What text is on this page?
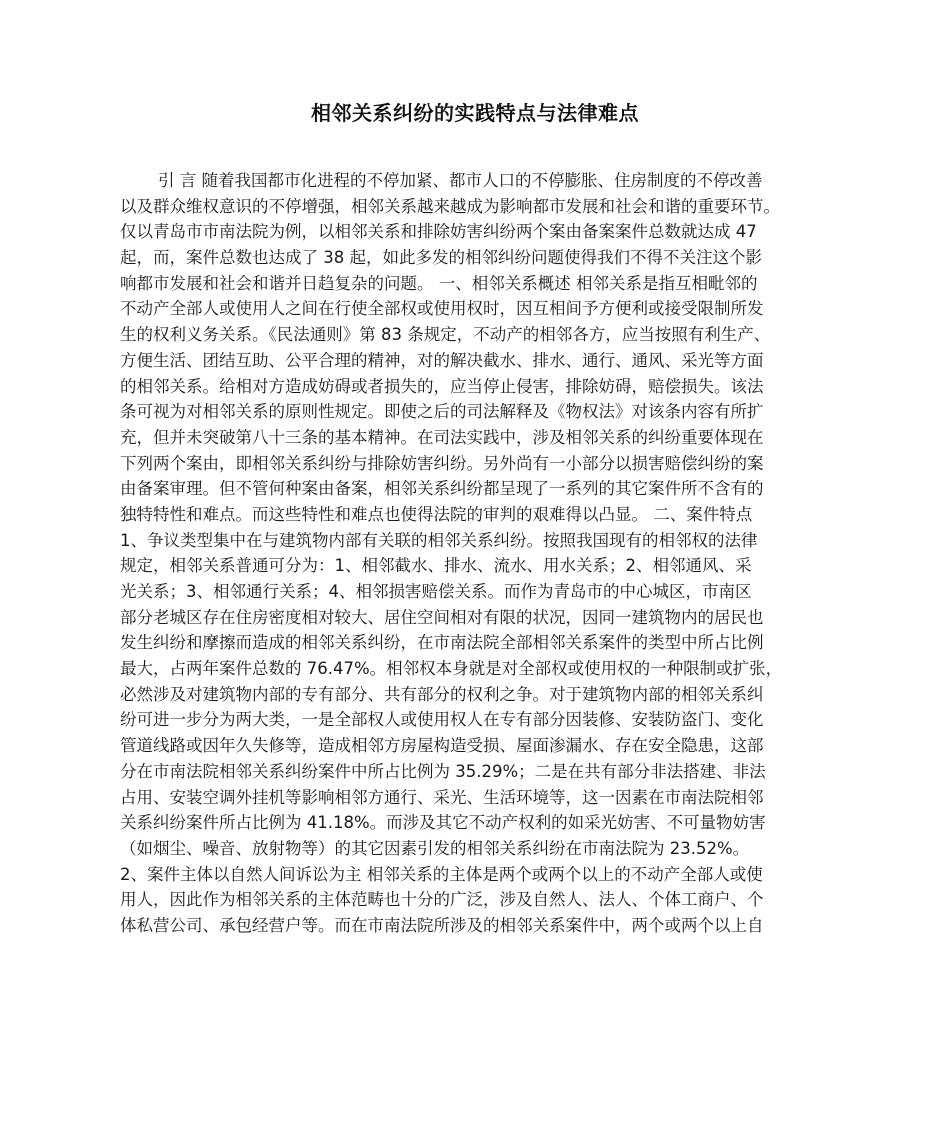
相邻关系纠纷的实践特点与法律难点
引 言 随着我国都市化进程的不停加紧、都市人口的不停膨胀、住房制度的不停改善
以及群众维权意识的不停增强，相邻关系越来越成为影响都市发展和社会和谐的重要环节。
仅以青岛市市南法院为例，以相邻关系和排除妨害纠纷两个案由备案案件总数就达成 47
起，而，案件总数也达成了 38 起，如此多发的相邻纠纷问题使得我们不得不关注这个影
响都市发展和社会和谐并日趋复杂的问题。 一、相邻关系概述 相邻关系是指互相毗邻的
不动产全部人或使用人之间在行使全部权或使用权时，因互相间予方便利或接受限制所发
生的权利义务关系。《民法通则》第 83 条规定，不动产的相邻各方，应当按照有利生产、
方便生活、团结互助、公平合理的精神，对的解决截水、排水、通行、通风、采光等方面
的相邻关系。给相对方造成妨碍或者损失的，应当停止侵害，排除妨碍，赔偿损失。该法
条可视为对相邻关系的原则性规定。即使之后的司法解释及《物权法》对该条内容有所扩
充，但并未突破第八十三条的基本精神。在司法实践中，涉及相邻关系的纠纷重要体现在
下列两个案由，即相邻关系纠纷与排除妨害纠纷。另外尚有一小部分以损害赔偿纠纷的案
由备案审理。但不管何种案由备案，相邻关系纠纷都呈现了一系列的其它案件所不含有的
独特特性和难点。而这些特性和难点也使得法院的审判的艰难得以凸显。 二、案件特点
1、争议类型集中在与建筑物内部有关联的相邻关系纠纷。按照我国现有的相邻权的法律
规定，相邻关系普通可分为：1、相邻截水、排水、流水、用水关系；2、相邻通风、采
光关系；3、相邻通行关系；4、相邻损害赔偿关系。而作为青岛市的中心城区，市南区
部分老城区存在住房密度相对较大、居住空间相对有限的状况，因同一建筑物内的居民也
发生纠纷和摩擦而造成的相邻关系纠纷，在市南法院全部相邻关系案件的类型中所占比例
最大，占两年案件总数的 76.47%。相邻权本身就是对全部权或使用权的一种限制或扩张，
必然涉及对建筑物内部的专有部分、共有部分的权利之争。对于建筑物内部的相邻关系纠
纷可进一步分为两大类，一是全部权人或使用权人在专有部分因装修、安装防盗门、变化
管道线路或因年久失修等，造成相邻方房屋构造受损、屋面渗漏水、存在安全隐患，这部
分在市南法院相邻关系纠纷案件中所占比例为 35.29%；二是在共有部分非法搭建、非法
占用、安装空调外挂机等影响相邻方通行、采光、生活环境等，这一因素在市南法院相邻
关系纠纷案件所占比例为 41.18%。而涉及其它不动产权利的如采光妨害、不可量物妨害
（如烟尘、噪音、放射物等）的其它因素引发的相邻关系纠纷在市南法院为 23.52%。
2、案件主体以自然人间诉讼为主 相邻关系的主体是两个或两个以上的不动产全部人或使
用人，因此作为相邻关系的主体范畴也十分的广泛，涉及自然人、法人、个体工商户、个
体私营公司、承包经营户等。而在市南法院所涉及的相邻关系案件中，两个或两个以上自
